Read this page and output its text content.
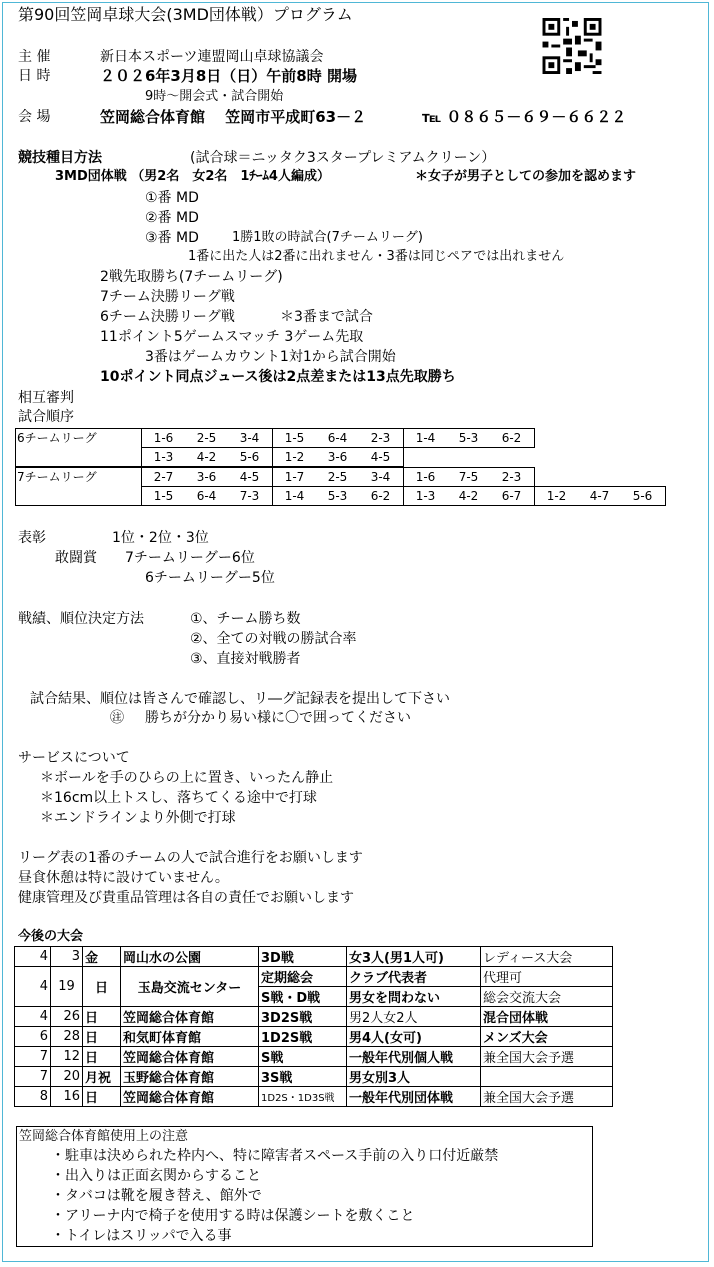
第90回笠岡卓球大会(3MD団体戦）プログラム
主 催	新日本スポーツ連盟岡山卓球協議会
日 時	２０２6年3月8日（日）午前8時 開場
9時～開会式・試合開始
会 場	笠岡総合体育館　 笠岡市平成町63－２	℡ ０８６５－６９－６６２２
競技種目方法	(試合球＝ニッタク3スタープレミアムクリーン）
3MD団体戦 （男2名　女2名　1ﾁｰﾑ4人編成）	＊女子が男子としての参加を認めます
①番 MD
②番 MD
③番 MD	1勝1敗の時試合(7チームリーグ)
1番に出た人は2番に出れません・3番は同じペアでは出れません
2戦先取勝ち(7チームリーグ)
7チーム決勝リーグ戦
6チーム決勝リーグ戦	＊3番まで試合
11ポイント5ゲームスマッチ 3ゲーム先取
3番はゲームカウント1対1から試合開始
10ポイント同点ジュース後は2点差または13点先取勝ち
相互審判
試合順序
6チームリーグ	1-6 2-5 3-4	1-5 6-4 2-3	1-4 5-3 6-2
	1-3 4-2 5-6	1-2 3-6 4-5	
7チームリーグ	2-7 3-6 4-5	1-7 2-5 3-4	1-6 7-5 2-3	
	1-5 6-4 7-3	1-4 5-3 6-2	1-3 4-2 6-7	1-2 4-7 5-6
表彰	1位・2位・3位
敢闘賞 7チームリーグー6位
6チームリーグー5位
戦績、順位決定方法	①、チーム勝ち数
②、全ての対戦の勝試合率
③、直接対戦勝者
試合結果、順位は皆さんで確認し、リ―グ記録表を提出して下さい
㊟ 勝ちが分かり易い様に〇で囲ってください
サービスについて
＊ボールを手のひらの上に置き、いったん静止
＊16cm以上トスし、落ちてくる途中で打球
＊エンドラインより外側で打球
リーグ表の1番のチームの人で試合進行をお願いします
昼食休憩は特に設けていません。
健康管理及び貴重品管理は各自の責任でお願いします
今後の大会
4	3	金	岡山水の公園	3D戦	女3人(男1人可)	レディース大会
4	19	日	玉島交流センター	定期総会	クラブ代表者	代理可
				S戦・D戦	男女を問わない	総会交流大会
4	26	日	笠岡総合体育館	3D2S戦	男2人女2人	混合団体戦
6	28	日	和気町体育館	1D2S戦	男4人(女可)	メンズ大会
7	12	日	笠岡総合体育館	S戦	一般年代別個人戦	兼全国大会予選
7	20	月祝	玉野総合体育館	3S戦	男女別3人	
8	16	日	笠岡総合体育館	1D2S・1D3S戦	一般年代別団体戦	兼全国大会予選
笠岡総合体育館使用上の注意
・駐車は決められた枠内へ、特に障害者スペース手前の入り口付近厳禁
・出入りは正面玄関からすること
・タバコは靴を履き替え、館外で
・アリーナ内で椅子を使用する時は保護シートを敷くこと
・トイレはスリッパで入る事
